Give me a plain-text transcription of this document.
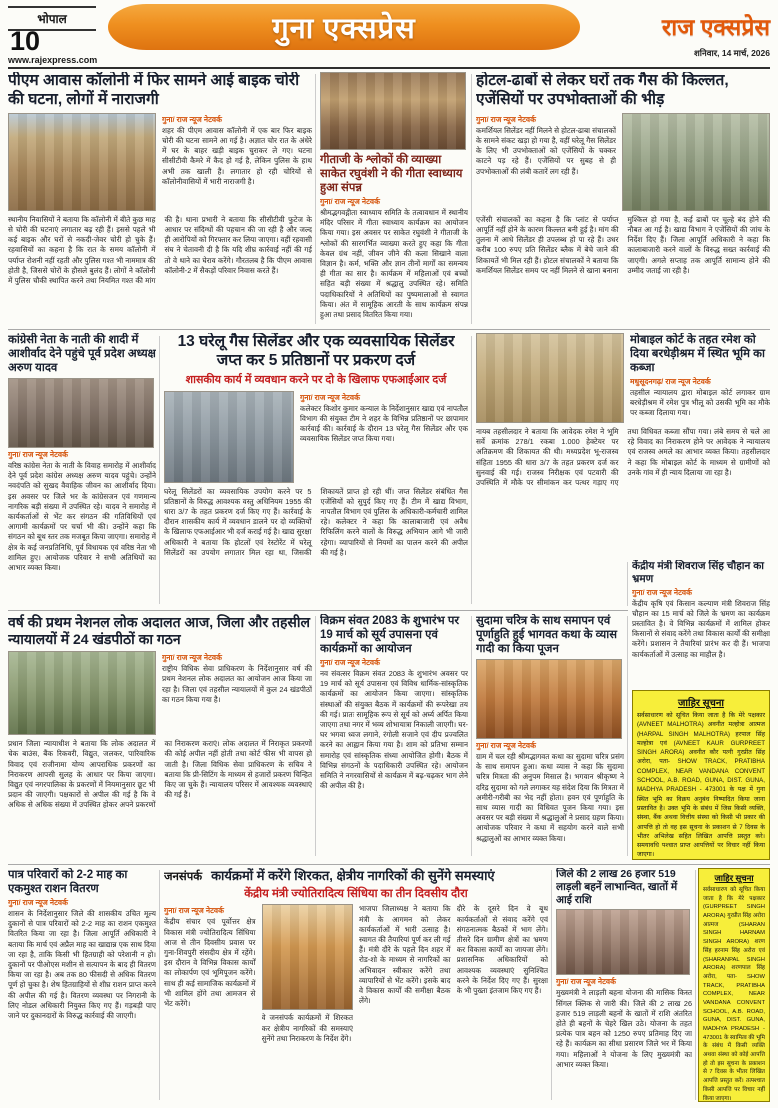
भोपाल
10
www.rajexpress.com
गुना एक्सप्रेस	राज एक्सप्रेस
शनिवार, 14 मार्च, 2026
पीएम आवास कॉलोनी में फिर सामने आई बाइक चोरी की घटना, लोगों में नाराजगी
गुना/ राज न्यूज नेटवर्क

शहर की पीएम आवास कॉलोनी में एक बार फिर बाइक चोरी की घटना सामने आ गई है। अज्ञात चोर रात के अंधेरे में घर के बाहर खड़ी बाइक चुराकर ले गए। घटना सीसीटीवी कैमरे में कैद हो गई है, लेकिन पुलिस के हाथ अभी तक खाली हैं। लगातार हो रही चोरियों से कॉलोनीवासियों में भारी नाराजगी है।

स्थानीय निवासियों ने बताया कि कॉलोनी में बीते कुछ माह से चोरी की घटनाएं लगातार बढ़ रही हैं। इससे पहले भी कई बाइक और घरों से नकदी-जेवर चोरी हो चुके हैं। रहवासियों का कहना है कि रात के समय कॉलोनी में पर्याप्त रोशनी नहीं रहती और पुलिस गश्त भी नाममात्र की होती है, जिससे चोरों के हौसले बुलंद हैं। लोगों ने कॉलोनी में पुलिस चौकी स्थापित करने तथा नियमित गश्त की मांग की है। थाना प्रभारी ने बताया कि सीसीटीवी फुटेज के आधार पर संदिग्धों की पहचान की जा रही है और जल्द ही आरोपियों को गिरफ्तार कर लिया जाएगा। वहीं रहवासी संघ ने चेतावनी दी है कि यदि शीघ्र कार्रवाई नहीं की गई तो वे थाने का घेराव करेंगे। गौरतलब है कि पीएम आवास कॉलोनी-2 में सैकड़ों परिवार निवास करते हैं।
गीताजी के श्लोकों की व्याख्या साकेत रघुवंशी ने की गीता स्वाध्याय हुआ संपन्न
गुना/ राज न्यूज नेटवर्क

श्रीमद्भगवद्गीता स्वाध्याय समिति के तत्वावधान में स्थानीय मंदिर परिसर में गीता स्वाध्याय कार्यक्रम का आयोजन किया गया। इस अवसर पर साकेत रघुवंशी ने गीताजी के श्लोकों की सारगर्भित व्याख्या करते हुए कहा कि गीता केवल ग्रंथ नहीं, जीवन जीने की कला सिखाने वाला विज्ञान है। कर्म, भक्ति और ज्ञान तीनों मार्गों का समन्वय ही गीता का सार है। कार्यक्रम में महिलाओं एवं बच्चों सहित बड़ी संख्या में श्रद्धालु उपस्थित रहे। समिति पदाधिकारियों ने अतिथियों का पुष्पमालाओं से स्वागत किया। अंत में सामूहिक आरती के साथ कार्यक्रम संपन्न हुआ तथा प्रसाद वितरित किया गया।

होटल-ढाबों से लेकर घरों तक गैस की किल्लत, एजेंसियों पर उपभोक्ताओं की भीड़
गुना/ राज न्यूज नेटवर्क

कमर्शियल सिलेंडर नहीं मिलने से होटल-ढाबा संचालकों के सामने संकट खड़ा हो गया है, वहीं घरेलू गैस सिलेंडर के लिए भी उपभोक्ताओं को एजेंसियों के चक्कर काटने पड़ रहे हैं। एजेंसियों पर सुबह से ही उपभोक्ताओं की लंबी कतारें लग रही हैं।

एजेंसी संचालकों का कहना है कि प्लांट से पर्याप्त आपूर्ति नहीं होने के कारण किल्लत बनी हुई है। मांग की तुलना में आधे सिलेंडर ही उपलब्ध हो पा रहे हैं। उधर करीब 100 रुपए प्रति सिलेंडर ब्लैक में बेचे जाने की शिकायतें भी मिल रही हैं। होटल संचालकों ने बताया कि कमर्शियल सिलेंडर समय पर नहीं मिलने से खाना बनाना मुश्किल हो गया है, कई ढाबों पर चूल्हे बंद होने की नौबत आ गई है। खाद्य विभाग ने एजेंसियों की जांच के निर्देश दिए हैं। जिला आपूर्ति अधिकारी ने कहा कि कालाबाजारी करने वालों के विरुद्ध सख्त कार्रवाई की जाएगी। अगले सप्ताह तक आपूर्ति सामान्य होने की उम्मीद जताई जा रही है।
कांग्रेसी नेता के नाती की शादी में आशीर्वाद देने पहुंचे पूर्व प्रदेश अध्यक्ष अरुण यादव
गुना/ राज न्यूज नेटवर्क

वरिष्ठ कांग्रेस नेता के नाती के विवाह समारोह में आशीर्वाद देने पूर्व प्रदेश कांग्रेस अध्यक्ष अरुण यादव पहुंचे। उन्होंने नवदंपति को सुखद वैवाहिक जीवन का आशीर्वाद दिया। इस अवसर पर जिले भर के कांग्रेसजन एवं गणमान्य नागरिक बड़ी संख्या में उपस्थित रहे। यादव ने समारोह में कार्यकर्ताओं से भेंट कर संगठन की गतिविधियों एवं आगामी कार्यक्रमों पर चर्चा भी की। उन्होंने कहा कि संगठन को बूथ स्तर तक मजबूत किया जाएगा। समारोह में क्षेत्र के कई जनप्रतिनिधि, पूर्व विधायक एवं वरिष्ठ नेता भी शामिल हुए। आयोजक परिवार ने सभी अतिथियों का आभार व्यक्त किया।

13 घरेलू गैस सिलेंडर और एक व्यवसायिक सिलेंडर जप्त कर 5 प्रतिष्ठानों पर प्रकरण दर्ज
शासकीय कार्य में व्यवधान करने पर दो के खिलाफ एफआईआर दर्ज
गुना/ राज न्यूज नेटवर्क

कलेक्टर किशोर कुमार कन्याल के निर्देशानुसार खाद्य एवं नापतौल विभाग की संयुक्त टीम ने शहर के विभिन्न प्रतिष्ठानों पर छापामार कार्रवाई की। कार्रवाई के दौरान 13 घरेलू गैस सिलेंडर और एक व्यवसायिक सिलेंडर जप्त किया गया।

घरेलू सिलेंडरों का व्यवसायिक उपयोग करने पर 5 प्रतिष्ठानों के विरुद्ध आवश्यक वस्तु अधिनियम 1955 की धारा 3/7 के तहत प्रकरण दर्ज किए गए हैं। कार्रवाई के दौरान शासकीय कार्य में व्यवधान डालने पर दो व्यक्तियों के खिलाफ एफआईआर भी दर्ज कराई गई है। खाद्य सुरक्षा अधिकारी ने बताया कि होटलों एवं रेस्टोरेंट में घरेलू सिलेंडरों का उपयोग लगातार मिल रहा था, जिसकी शिकायतें प्राप्त हो रही थीं। जप्त सिलेंडर संबंधित गैस एजेंसियों को सुपुर्द किए गए हैं। टीम में खाद्य विभाग, नापतौल विभाग एवं पुलिस के अधिकारी-कर्मचारी शामिल रहे। कलेक्टर ने कहा कि कालाबाजारी एवं अवैध रिफिलिंग करने वालों के विरुद्ध अभियान आगे भी जारी रहेगा। व्यापारियों से नियमों का पालन करने की अपील की गई है।
मोबाइल कोर्ट के तहत रमेश को दिया बरधेड़ीश्रम में स्थित भूमि का कब्जा
मधुसूदनगढ़/ राज न्यूज नेटवर्क

तहसील न्यायालय द्वारा मोबाइल कोर्ट लगाकर ग्राम बरधेड़ीश्रम में रमेश पुत्र भीलू को उसकी भूमि का मौके पर कब्जा दिलाया गया।

नायब तहसीलदार ने बताया कि आवेदक रमेश ने भूमि सर्वे क्रमांक 278/1 रकबा 1.000 हेक्टेयर पर अतिक्रमण की शिकायत की थी। मध्यप्रदेश भू-राजस्व संहिता 1955 की धारा 3/7 के तहत प्रकरण दर्ज कर सुनवाई की गई। राजस्व निरीक्षक एवं पटवारी की उपस्थिति में मौके पर सीमांकन कर पत्थर गड़ाए गए तथा विधिवत कब्जा सौंपा गया। लंबे समय से चले आ रहे विवाद का निराकरण होने पर आवेदक ने न्यायालय एवं राजस्व अमले का आभार व्यक्त किया। तहसीलदार ने कहा कि मोबाइल कोर्ट के माध्यम से ग्रामीणों को उनके गांव में ही न्याय दिलाया जा रहा है।
केंद्रीय मंत्री शिवराज सिंह चौहान का भ्रमण
गुना/ राज न्यूज नेटवर्क

केंद्रीय कृषि एवं किसान कल्याण मंत्री शिवराज सिंह चौहान का 15 मार्च को जिले के भ्रमण का कार्यक्रम प्रस्तावित है। वे विभिन्न कार्यक्रमों में शामिल होकर किसानों से संवाद करेंगे तथा विकास कार्यों की समीक्षा करेंगे। प्रशासन ने तैयारियां प्रारंभ कर दी हैं। भाजपा कार्यकर्ताओं में उत्साह का माहौल है।

वर्ष की प्रथम नेशनल लोक अदालत आज, जिला और तहसील न्यायालयों में 24 खंडपीठों का गठन
गुना/ राज न्यूज नेटवर्क

राष्ट्रीय विधिक सेवा प्राधिकरण के निर्देशानुसार वर्ष की प्रथम नेशनल लोक अदालत का आयोजन आज किया जा रहा है। जिला एवं तहसील न्यायालयों में कुल 24 खंडपीठों का गठन किया गया है।

प्रधान जिला न्यायाधीश ने बताया कि लोक अदालत में चेक बाउंस, बैंक रिकवरी, विद्युत, जलकर, पारिवारिक विवाद एवं राजीनामा योग्य आपराधिक प्रकरणों का निराकरण आपसी सुलह के आधार पर किया जाएगा। विद्युत एवं नगरपालिका के प्रकरणों में नियमानुसार छूट भी प्रदान की जाएगी। पक्षकारों से अपील की गई है कि वे अधिक से अधिक संख्या में उपस्थित होकर अपने प्रकरणों का निराकरण कराएं। लोक अदालत में निराकृत प्रकरणों की कोई अपील नहीं होती तथा कोर्ट फीस भी वापस हो जाती है। जिला विधिक सेवा प्राधिकरण के सचिव ने बताया कि प्री-सिटिंग के माध्यम से हजारों प्रकरण चिन्हित किए जा चुके हैं। न्यायालय परिसर में आवश्यक व्यवस्थाएं की गई हैं।
विक्रम संवत 2083 के शुभारंभ पर 19 मार्च को सूर्य उपासना एवं कार्यक्रमों का आयोजन
गुना/ राज न्यूज नेटवर्क

नव संवत्सर विक्रम संवत 2083 के शुभारंभ अवसर पर 19 मार्च को सूर्य उपासना एवं विविध धार्मिक-सांस्कृतिक कार्यक्रमों का आयोजन किया जाएगा। सांस्कृतिक संस्थाओं की संयुक्त बैठक में कार्यक्रमों की रूपरेखा तय की गई। प्रातः सामूहिक रूप से सूर्य को अर्घ्य अर्पित किया जाएगा तथा नगर में भव्य शोभायात्रा निकाली जाएगी। घर-घर भगवा ध्वज लगाने, रंगोली सजाने एवं दीप प्रज्वलित करने का आह्वान किया गया है। शाम को प्रतिभा सम्मान समारोह एवं सांस्कृतिक संध्या आयोजित होगी। बैठक में विभिन्न संगठनों के पदाधिकारी उपस्थित रहे। आयोजन समिति ने नगरवासियों से कार्यक्रम में बढ़-चढ़कर भाग लेने की अपील की है।

सुदामा चरित्र के साथ समापन एवं पूर्णाहुति हुई भागवत कथा के व्यास गादी का किया पूजन
गुना/ राज न्यूज नेटवर्क

ग्राम में चल रही श्रीमद्भागवत कथा का सुदामा चरित्र प्रसंग के साथ समापन हुआ। कथा व्यास ने कहा कि सुदामा चरित्र मित्रता की अनुपम मिसाल है। भगवान श्रीकृष्ण ने दरिद्र सुदामा को गले लगाकर यह संदेश दिया कि मित्रता में अमीरी-गरीबी का भेद नहीं होता। हवन एवं पूर्णाहुति के साथ व्यास गादी का विधिवत पूजन किया गया। इस अवसर पर बड़ी संख्या में श्रद्धालुओं ने प्रसाद ग्रहण किया। आयोजक परिवार ने कथा में सहयोग करने वाले सभी श्रद्धालुओं का आभार व्यक्त किया।

जाहिर सूचना

सर्वसाधारण को सूचित किया जाता है कि मेरे पक्षकार (AVNEET MALHOTRA) अवनीत मल्होत्रा आत्मज (HARPAL SINGH MALHOTRA) हरपाल सिंह मल्होत्रा एवं (AVNEET KAUR GURPREET SINGH ARORA) अवनीत कौर पत्नी गुरप्रीत सिंह अरोरा, पता- SHOW TRACK, PRATIBHA COMPLEX, NEAR VANDANA CONVENT SCHOOL, A.B. ROAD, GUNA, DIST. GUNA, MADHYA PRADESH - 473001 के पक्ष में गुना स्थित भूमि का विक्रय अनुबंध निष्पादित किया जाना प्रस्तावित है। उक्त भूमि के संबंध में जिस किसी व्यक्ति, संस्था, बैंक अथवा वित्तीय संस्था को किसी भी प्रकार की आपत्ति हो तो वह इस सूचना के प्रकाशन से 7 दिवस के भीतर अभिलेख सहित लिखित आपत्ति प्रस्तुत करे। समयावधि पश्चात प्राप्त आपत्तियों पर विचार नहीं किया जाएगा।

पात्र परिवारों को 2-2 माह का एकमुश्त राशन वितरण
गुना/ राज न्यूज नेटवर्क

शासन के निर्देशानुसार जिले की शासकीय उचित मूल्य दुकानों से पात्र परिवारों को 2-2 माह का राशन एकमुश्त वितरित किया जा रहा है। जिला आपूर्ति अधिकारी ने बताया कि मार्च एवं अप्रैल माह का खाद्यान्न एक साथ दिया जा रहा है, ताकि किसी भी हितग्राही को परेशानी न हो। दुकानों पर पीओएस मशीन से सत्यापन के बाद ही वितरण किया जा रहा है। अब तक 80 फीसदी से अधिक वितरण पूर्ण हो चुका है। शेष हितग्राहियों से शीघ्र राशन प्राप्त करने की अपील की गई है। वितरण व्यवस्था पर निगरानी के लिए नोडल अधिकारी नियुक्त किए गए हैं। गड़बड़ी पाए जाने पर दुकानदारों के विरुद्ध कार्रवाई की जाएगी।

जनसंपर्क कार्यक्रमों में करेंगे शिरकत, क्षेत्रीय नागरिकों की सुनेंगे समस्याएं
केंद्रीय मंत्री ज्योतिरादित्य सिंधिया का तीन दिवसीय दौरा
गुना/ राज न्यूज नेटवर्क

केंद्रीय संचार एवं पूर्वोत्तर क्षेत्र विकास मंत्री ज्योतिरादित्य सिंधिया आज से तीन दिवसीय प्रवास पर गुना-शिवपुरी संसदीय क्षेत्र में रहेंगे। इस दौरान वे विभिन्न विकास कार्यों का लोकार्पण एवं भूमिपूजन करेंगे। साथ ही कई सामाजिक कार्यक्रमों में भी शामिल होंगे तथा आमजन से भेंट करेंगे।

वे जनसंपर्क कार्यक्रमों में शिरकत कर क्षेत्रीय नागरिकों की समस्याएं सुनेंगे तथा निराकरण के निर्देश देंगे।

भाजपा जिलाध्यक्ष ने बताया कि मंत्री के आगमन को लेकर कार्यकर्ताओं में भारी उत्साह है। स्वागत की तैयारियां पूर्ण कर ली गई हैं। मंत्री दौरे के पहले दिन शहर में रोड-शो के माध्यम से नागरिकों का अभिवादन स्वीकार करेंगे तथा व्यापारियों से भेंट करेंगे। इसके बाद वे विकास कार्यों की समीक्षा बैठक लेंगे।

दौरे के दूसरे दिन वे बूथ कार्यकर्ताओं से संवाद करेंगे एवं संगठनात्मक बैठकों में भाग लेंगे। तीसरे दिन ग्रामीण क्षेत्रों का भ्रमण कर विकास कार्यों का जायजा लेंगे। प्रशासनिक अधिकारियों को आवश्यक व्यवस्थाएं सुनिश्चित करने के निर्देश दिए गए हैं। सुरक्षा के भी पुख्ता इंतजाम किए गए हैं।

जिले की 2 लाख 26 हजार 519 लाड़ली बहनें लाभान्वित, खातों में आई राशि
गुना/ राज न्यूज नेटवर्क

मुख्यमंत्री ने लाड़ली बहना योजना की मासिक किस्त सिंगल क्लिक से जारी की। जिले की 2 लाख 26 हजार 519 लाड़ली बहनों के खातों में राशि अंतरित होते ही बहनों के चेहरे खिल उठे। योजना के तहत प्रत्येक पात्र बहन को 1250 रुपए प्रतिमाह दिए जा रहे हैं। कार्यक्रम का सीधा प्रसारण जिले भर में किया गया। महिलाओं ने योजना के लिए मुख्यमंत्री का आभार व्यक्त किया।

जाहिर सूचना

सर्वसाधारण को सूचित किया जाता है कि मेरे पक्षकार (GURPREET SINGH ARORA) गुरप्रीत सिंह अरोरा आत्मज (SHARAN SINGH HARNAM SINGH ARORA) शरण सिंह हरनाम सिंह अरोरा एवं (SHARANPAL SINGH ARORA) शरणपाल सिंह अरोरा, पता- SHOW TRACK, PRATIBHA COMPLEX, NEAR VANDANA CONVENT SCHOOL, A.B. ROAD, GUNA, DIST. GUNA, MADHYA PRADESH - 473001 के स्वामित्व की भूमि के संबंध में किसी व्यक्ति अथवा संस्था को कोई आपत्ति हो तो इस सूचना के प्रकाशन से 7 दिवस के भीतर लिखित आपत्ति प्रस्तुत करें। तत्पश्चात किसी आपत्ति पर विचार नहीं किया जाएगा।
